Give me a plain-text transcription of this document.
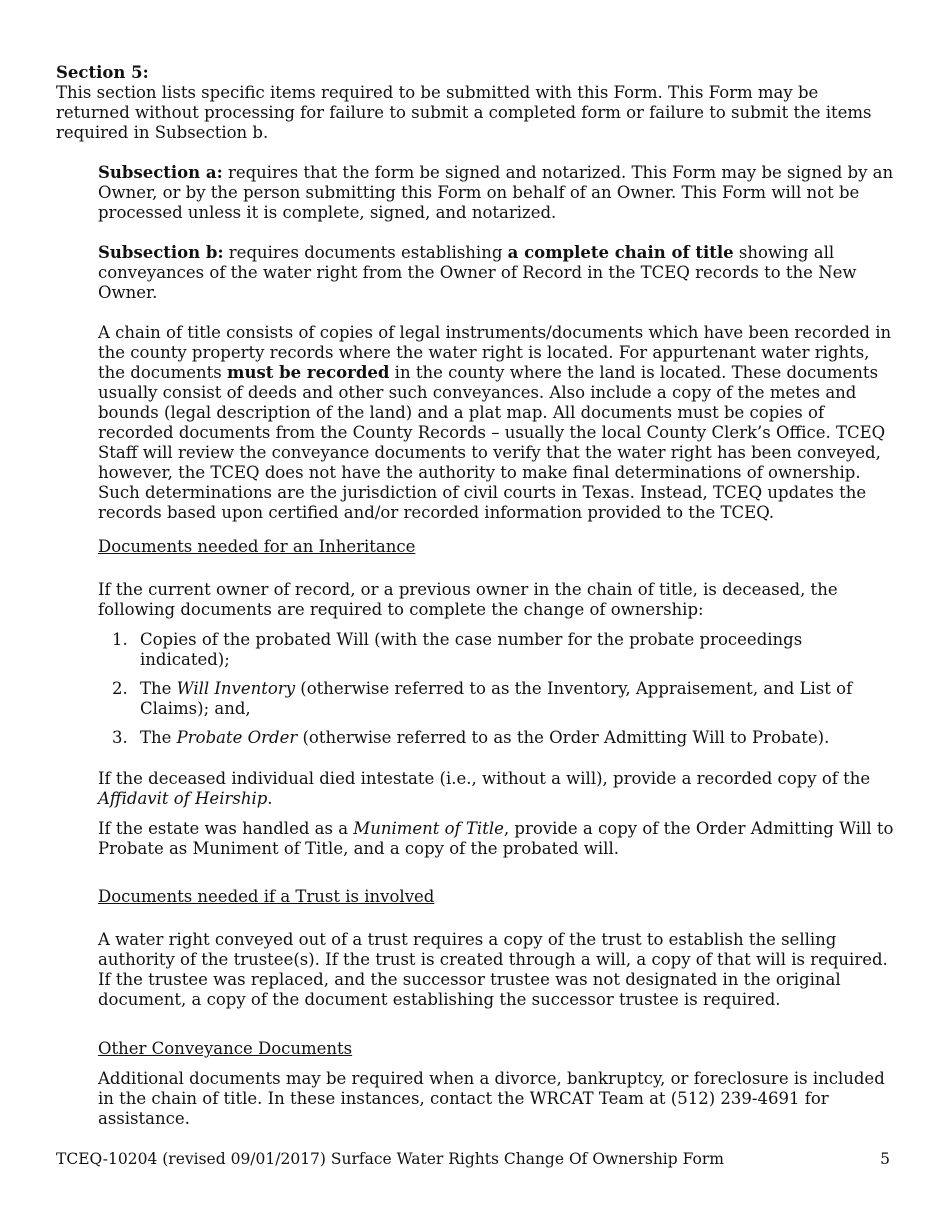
Section 5:

This section lists specific items required to be submitted with this Form. This Form may be returned without processing for failure to submit a completed form or failure to submit the items required in Subsection b.

Subsection a: requires that the form be signed and notarized. This Form may be signed by an Owner, or by the person submitting this Form on behalf of an Owner. This Form will not be processed unless it is complete, signed, and notarized.

Subsection b: requires documents establishing a complete chain of title showing all conveyances of the water right from the Owner of Record in the TCEQ records to the New Owner.

A chain of title consists of copies of legal instruments/documents which have been recorded in the county property records where the water right is located. For appurtenant water rights, the documents must be recorded in the county where the land is located. These documents usually consist of deeds and other such conveyances. Also include a copy of the metes and bounds (legal description of the land) and a plat map. All documents must be copies of recorded documents from the County Records – usually the local County Clerk’s Office. TCEQ Staff will review the conveyance documents to verify that the water right has been conveyed, however, the TCEQ does not have the authority to make final determinations of ownership. Such determinations are the jurisdiction of civil courts in Texas. Instead, TCEQ updates the records based upon certified and/or recorded information provided to the TCEQ.

Documents needed for an Inheritance

If the current owner of record, or a previous owner in the chain of title, is deceased, the following documents are required to complete the change of ownership:

1. Copies of the probated Will (with the case number for the probate proceedings indicated);
2. The Will Inventory (otherwise referred to as the Inventory, Appraisement, and List of Claims); and,
3. The Probate Order (otherwise referred to as the Order Admitting Will to Probate).

If the deceased individual died intestate (i.e., without a will), provide a recorded copy of the Affidavit of Heirship.

If the estate was handled as a Muniment of Title, provide a copy of the Order Admitting Will to Probate as Muniment of Title, and a copy of the probated will.

Documents needed if a Trust is involved

A water right conveyed out of a trust requires a copy of the trust to establish the selling authority of the trustee(s). If the trust is created through a will, a copy of that will is required. If the trustee was replaced, and the successor trustee was not designated in the original document, a copy of the document establishing the successor trustee is required.

Other Conveyance Documents

Additional documents may be required when a divorce, bankruptcy, or foreclosure is included in the chain of title. In these instances, contact the WRCAT Team at (512) 239-4691 for assistance.

TCEQ-10204 (revised 09/01/2017) Surface Water Rights Change Of Ownership Form	5
